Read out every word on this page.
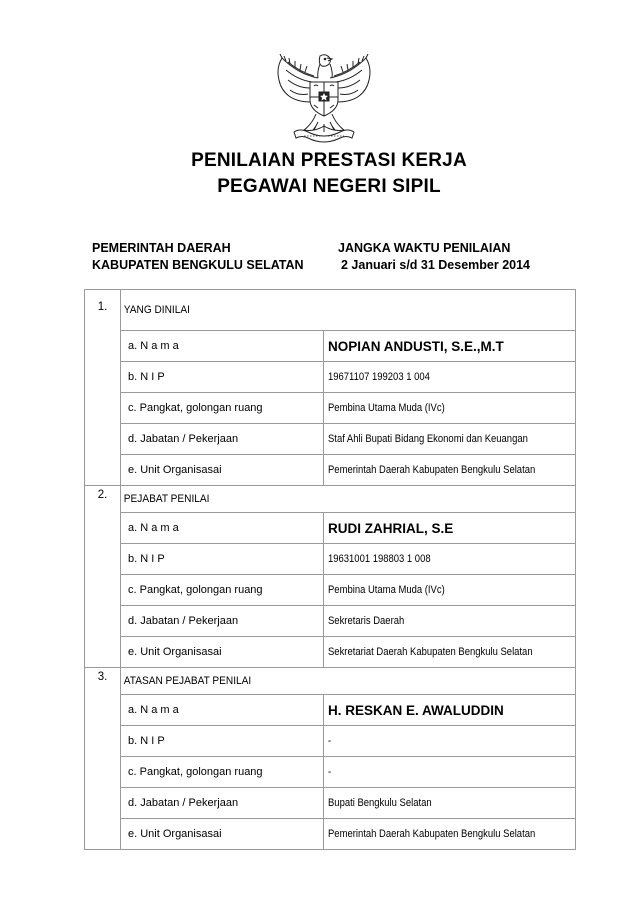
PENILAIAN PRESTASI KERJA
PEGAWAI NEGERI SIPIL
PEMERINTAH DAERAH
KABUPATEN BENGKULU SELATAN
JANGKA WAKTU PENILAIAN
2 Januari s/d 31 Desember 2014
1.	YANG DINILAI	

	a. N a m a	NOPIAN ANDUSTI, S.E.,M.T

	b. N I P	19671107 199203 1 004

	c. Pangkat, golongan ruang	Pembina Utama Muda (IVc)

	d. Jabatan / Pekerjaan	Staf Ahli Bupati Bidang Ekonomi dan Keuangan

	e. Unit Organisasai	Pemerintah Daerah Kabupaten Bengkulu Selatan

2.	PEJABAT PENILAI	

	a. N a m a	RUDI ZAHRIAL, S.E

	b. N I P	19631001 198803 1 008

	c. Pangkat, golongan ruang	Pembina Utama Muda (IVc)

	d. Jabatan / Pekerjaan	Sekretaris Daerah

	e. Unit Organisasai	Sekretariat Daerah Kabupaten Bengkulu Selatan

3.	ATASAN PEJABAT PENILAI	

	a. N a m a	H. RESKAN E. AWALUDDIN

	b. N I P	-

	c. Pangkat, golongan ruang	-

	d. Jabatan / Pekerjaan	Bupati Bengkulu Selatan

	e. Unit Organisasai	Pemerintah Daerah Kabupaten Bengkulu Selatan
